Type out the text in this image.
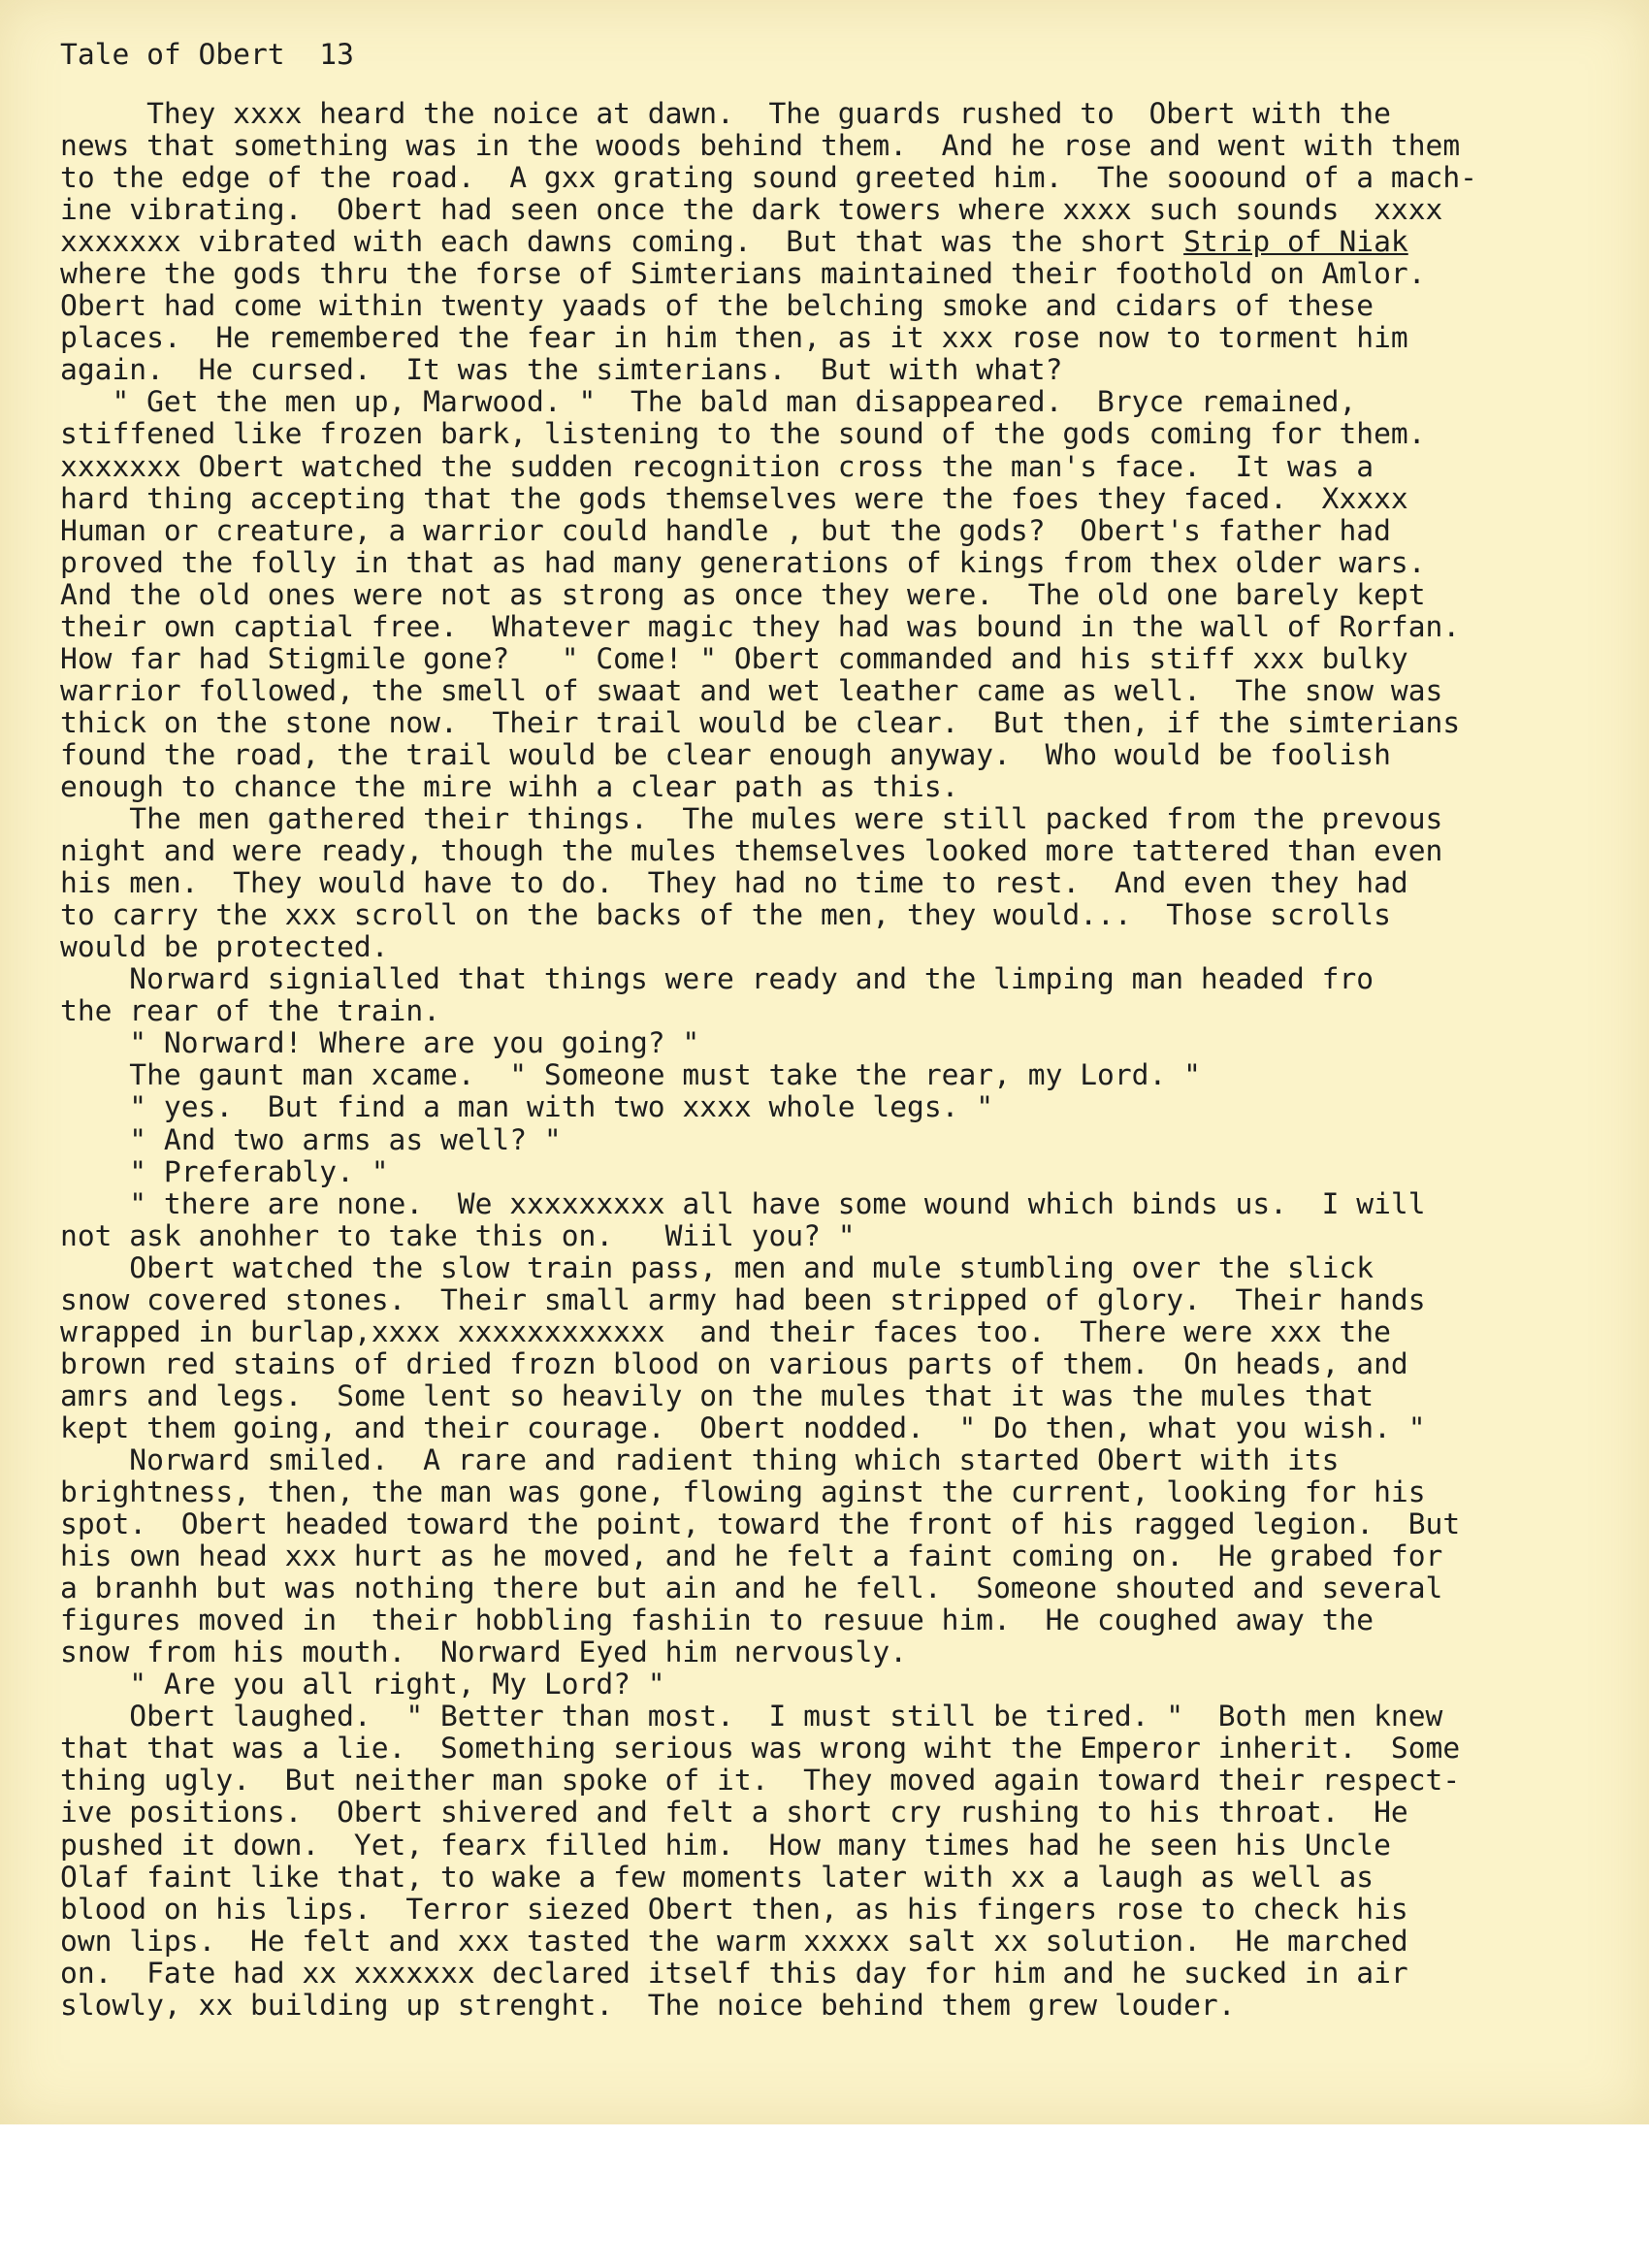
Tale of Obert  13
They xxxx heard the noice at dawn.  The guards rushed to  Obert with the
news that something was in the woods behind them.  And he rose and went with them
to the edge of the road.  A gxx grating sound greeted him.  The sooound of a mach-
ine vibrating.  Obert had seen once the dark towers where xxxx such sounds  xxxx
xxxxxxx vibrated with each dawns coming.  But that was the short Strip of Niak
where the gods thru the forse of Simterians maintained their foothold on Amlor.
Obert had come within twenty yaads of the belching smoke and cidars of these
places.  He remembered the fear in him then, as it xxx rose now to torment him
again.  He cursed.  It was the simterians.  But with what?
" Get the men up, Marwood. "  The bald man disappeared.  Bryce remained,
stiffened like frozen bark, listening to the sound of the gods coming for them.
xxxxxxx Obert watched the sudden recognition cross the man's face.  It was a
hard thing accepting that the gods themselves were the foes they faced.  Xxxxx
Human or creature, a warrior could handle , but the gods?  Obert's father had
proved the folly in that as had many generations of kings from thex older wars.
And the old ones were not as strong as once they were.  The old one barely kept
their own captial free.  Whatever magic they had was bound in the wall of Rorfan.
How far had Stigmile gone?   " Come! " Obert commanded and his stiff xxx bulky
warrior followed, the smell of swaat and wet leather came as well.  The snow was
thick on the stone now.  Their trail would be clear.  But then, if the simterians
found the road, the trail would be clear enough anyway.  Who would be foolish
enough to chance the mire wihh a clear path as this.
The men gathered their things.  The mules were still packed from the prevous
night and were ready, though the mules themselves looked more tattered than even
his men.  They would have to do.  They had no time to rest.  And even they had
to carry the xxx scroll on the backs of the men, they would...  Those scrolls
would be protected.
Norward signialled that things were ready and the limping man headed fro
the rear of the train.
" Norward! Where are you going? "
The gaunt man xcame.  " Someone must take the rear, my Lord. "
" yes.  But find a man with two xxxx whole legs. "
" And two arms as well? "
" Preferably. "
" there are none.  We xxxxxxxxx all have some wound which binds us.  I will
not ask anohher to take this on.   Wiil you? "
Obert watched the slow train pass, men and mule stumbling over the slick
snow covered stones.  Their small army had been stripped of glory.  Their hands
wrapped in burlap,xxxx xxxxxxxxxxxx  and their faces too.  There were xxx the
brown red stains of dried frozn blood on various parts of them.  On heads, and
amrs and legs.  Some lent so heavily on the mules that it was the mules that
kept them going, and their courage.  Obert nodded.  " Do then, what you wish. "
Norward smiled.  A rare and radient thing which started Obert with its
brightness, then, the man was gone, flowing aginst the current, looking for his
spot.  Obert headed toward the point, toward the front of his ragged legion.  But
his own head xxx hurt as he moved, and he felt a faint coming on.  He grabed for
a branhh but was nothing there but ain and he fell.  Someone shouted and several
figures moved in  their hobbling fashiin to resuue him.  He coughed away the
snow from his mouth.  Norward Eyed him nervously.
" Are you all right, My Lord? "
Obert laughed.  " Better than most.  I must still be tired. "  Both men knew
that that was a lie.  Something serious was wrong wiht the Emperor inherit.  Some
thing ugly.  But neither man spoke of it.  They moved again toward their respect-
ive positions.  Obert shivered and felt a short cry rushing to his throat.  He
pushed it down.  Yet, fearx filled him.  How many times had he seen his Uncle
Olaf faint like that, to wake a few moments later with xx a laugh as well as
blood on his lips.  Terror siezed Obert then, as his fingers rose to check his
own lips.  He felt and xxx tasted the warm xxxxx salt xx solution.  He marched
on.  Fate had xx xxxxxxx declared itself this day for him and he sucked in air
slowly, xx building up strenght.  The noice behind them grew louder.
